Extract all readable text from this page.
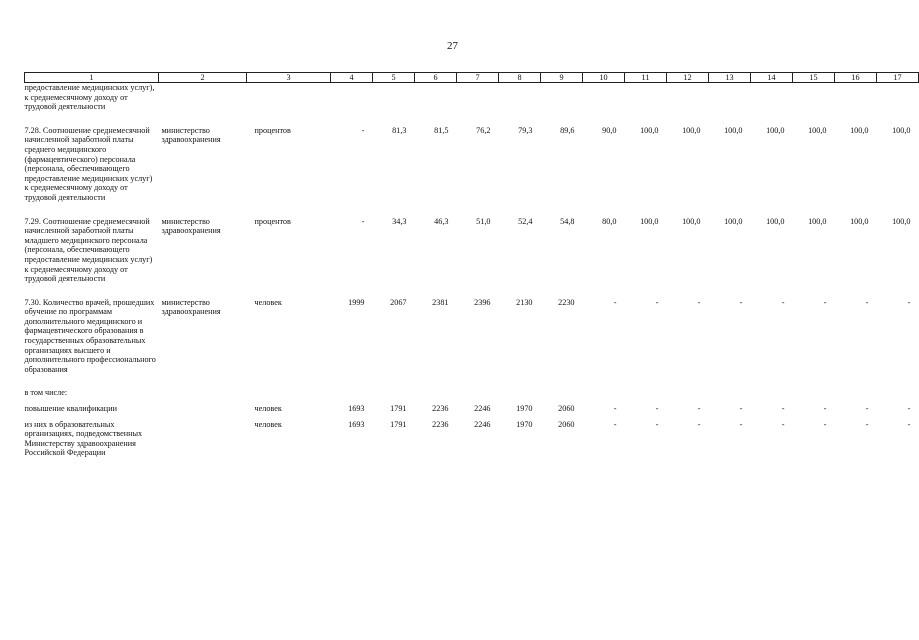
27
1	2	3	4	5	6	7	8	9	10	11	12	13	14	15	16	17
предоставление медицинских услуг), к среднемесячному доходу от трудовой деятельности																
7.28. Соотношение среднемесячной начисленной заработной платы среднего медицинского (фармацевтического) персонала (персонала, обеспечивающего предоставление медицинских услуг) к среднемесячному доходу от трудовой деятельности	министерство здравоохранения	процентов	-	81,3	81,5	76,2	79,3	89,6	90,0	100,0	100,0	100,0	100,0	100,0	100,0	100,0
7.29. Соотношение среднемесячной начисленной заработной платы младшего медицинского персонала (персонала, обеспечивающего предоставление медицинских услуг) к среднемесячному доходу от трудовой деятельности	министерство здравоохранения	процентов	-	34,3	46,3	51,0	52,4	54,8	80,0	100,0	100,0	100,0	100,0	100,0	100,0	100,0
7.30. Количество врачей, прошедших обучение по программам дополнительного медицинского и фармацевтического образования в государственных образовательных организациях высшего и дополнительного профессионального образования	министерство здравоохранения	человек	1999	2067	2381	2396	2130	2230	-	-	-	-	-	-	-	-
в том числе:																
повышение квалификации		человек	1693	1791	2236	2246	1970	2060	-	-	-	-	-	-	-	-
из них в образовательных организациях, подведомственных Министерству здравоохранения Российской Федерации		человек	1693	1791	2236	2246	1970	2060	-	-	-	-	-	-	-	-
